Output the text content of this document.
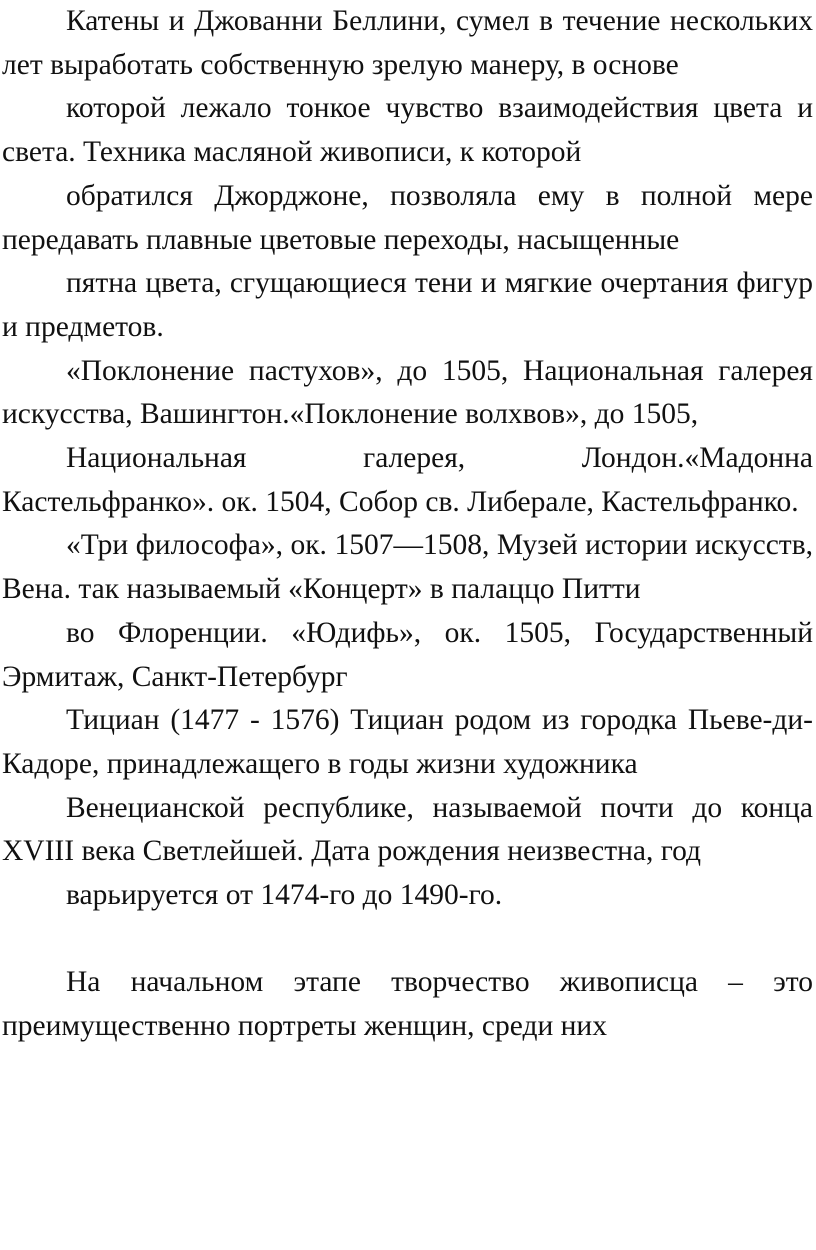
Катены и Джованни Беллини, сумел в течение нескольких лет выработать собственную зрелую манеру, в основе

которой лежало тонкое чувство взаимодействия цвета и света. Техника масляной живописи, к которой

обратился Джорджоне, позволяла ему в полной мере передавать плавные цветовые переходы, насыщенные

пятна цвета, сгущающиеся тени и мягкие очертания фигур и предметов.

«Поклонение пастухов», до 1505, Национальная галерея искусства, Вашингтон.«Поклонение волхвов», до 1505,

Национальная галерея, Лондон.«Мадонна Кастельфранко». ок. 1504, Собор св. Либерале, Кастельфранко.

«Три философа», ок. 1507—1508, Музей истории искусств, Вена. так называемый «Концерт» в палаццо Питти

во Флоренции. «Юдифь», ок. 1505, Государственный Эрмитаж, Санкт-Петербург

Тициан (1477 - 1576) Тициан родом из городка Пьеве-ди-Кадоре, принадлежащего в годы жизни художника

Венецианской республике, называемой почти до конца XVIII века Светлейшей. Дата рождения неизвестна, год

варьируется от 1474-го до 1490-го.

На начальном этапе творчество живописца – это преимущественно портреты женщин, среди них
